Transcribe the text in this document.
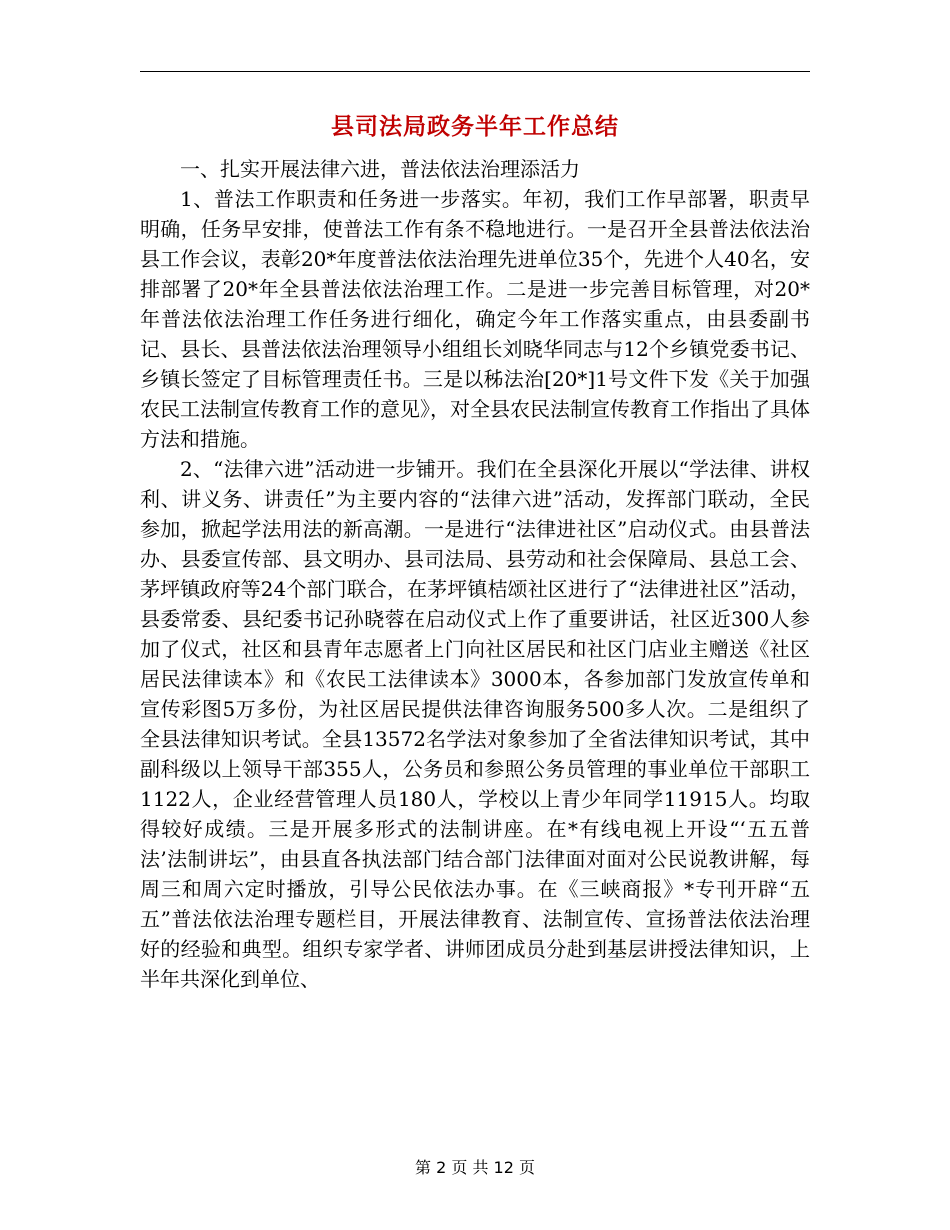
县司法局政务半年工作总结
一、扎实开展法律六进，普法依法治理添活力

1、普法工作职责和任务进一步落实。年初，我们工作早部署，职责早明确，任务早安排，使普法工作有条不稳地进行。一是召开全县普法依法治县工作会议，表彰20*年度普法依法治理先进单位35个，先进个人40名，安排部署了20*年全县普法依法治理工作。二是进一步完善目标管理，对20*年普法依法治理工作任务进行细化，确定今年工作落实重点，由县委副书记、县长、县普法依法治理领导小组组长刘晓华同志与12个乡镇党委书记、乡镇长签定了目标管理责任书。三是以秭法治[20*]1号文件下发《关于加强农民工法制宣传教育工作的意见》，对全县农民法制宣传教育工作指出了具体方法和措施。

2、“法律六进”活动进一步铺开。我们在全县深化开展以“学法律、讲权利、讲义务、讲责任”为主要内容的“法律六进”活动，发挥部门联动，全民参加，掀起学法用法的新高潮。一是进行“法律进社区”启动仪式。由县普法办、县委宣传部、县文明办、县司法局、县劳动和社会保障局、县总工会、茅坪镇政府等24个部门联合，在茅坪镇桔颂社区进行了“法律进社区”活动，县委常委、县纪委书记孙晓蓉在启动仪式上作了重要讲话，社区近300人参加了仪式，社区和县青年志愿者上门向社区居民和社区门店业主赠送《社区居民法律读本》和《农民工法律读本》3000本，各参加部门发放宣传单和宣传彩图5万多份，为社区居民提供法律咨询服务500多人次。二是组织了全县法律知识考试。全县13572名学法对象参加了全省法律知识考试，其中副科级以上领导干部355人，公务员和参照公务员管理的事业单位干部职工1122人，企业经营管理人员180人，学校以上青少年同学11915人。均取得较好成绩。三是开展多形式的法制讲座。在*有线电视上开设“‘五五普法’法制讲坛”，由县直各执法部门结合部门法律面对面对公民说教讲解，每周三和周六定时播放，引导公民依法办事。在《三峡商报》*专刊开辟“五五”普法依法治理专题栏目，开展法律教育、法制宣传、宣扬普法依法治理好的经验和典型。组织专家学者、讲师团成员分赴到基层讲授法律知识，上半年共深化到单位、

第 2 页 共 12 页
